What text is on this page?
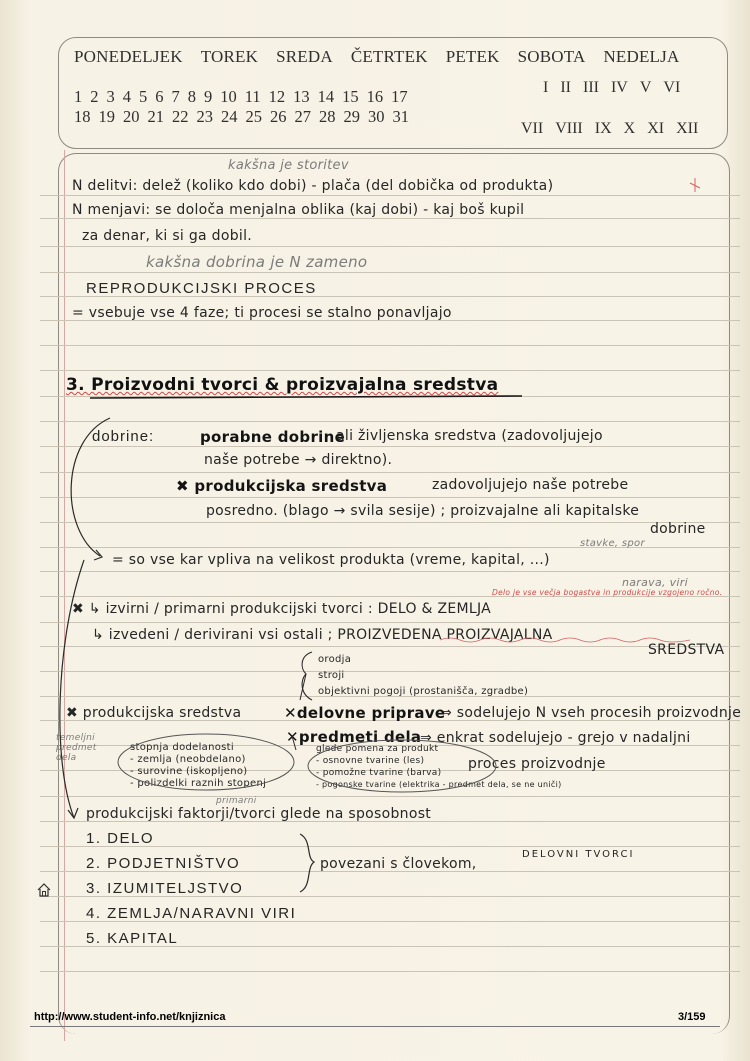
PONEDELJEK TOREK SREDA ČETRTEK PETEK SOBOTA NEDELJA
1 2 3 4 5 6 7 8 9 10 11 12 13 14 15 16 17
18 19 20 21 22 23 24 25 26 27 28 29 30 31
I II III IV V VI
VII VIII IX X XI XII
kakšna je storitev
N delitvi: delež (koliko kdo dobi) - plača (del dobička od produkta)
N menjavi: se določa menjalna oblika (kaj dobi) - kaj boš kupil
za denar, ki si ga dobil.
kakšna dobrina je N zameno
REPRODUKCIJSKI PROCES
= vsebuje vse 4 faze; ti procesi se stalno ponavljajo
3. Proizvodni tvorci & proizvajalna sredstva
dobrine:	porabne dobrine
ali življenska sredstva (zadovoljujejo
naše potrebe → direktno).
✖ produkcijska sredstva	zadovoljujejo naše potrebe
posredno. (blago → svila sesije) ; proizvajalne ali kapitalske
dobrine
stavke, spor
= so vse kar vpliva na velikost produkta (vreme, kapital, ...)
Delo je vse večja bogastva in produkcije vzgojeno ročno.
narava, viri
✖ ↳ izvirni / primarni produkcijski tvorci : DELO & ZEMLJA
↳ izvedeni / derivirani vsi ostali ; PROIZVEDENA PROIZVAJALNA
SREDSTVA
orodja
stroji
objektivni pogoji (prostanišča, zgradbe)
✖ produkcijska sredstva	✕delovne priprave
⇒ sodelujejo N vseh procesih proizvodnje
temeljni predmet dela
✕predmeti dela
⇒ enkrat sodelujejo - grejo v nadaljni
stopnja dodelanosti
- zemlja (neobdelano)
- surovine (iskopljeno)
- polizdelki raznih stopenj
glede pomena za produkt
- osnovne tvarine (les)
- pomožne tvarine (barva)
- pogonske tvarine (elektrika - predmet dela, se ne uniči)
proces proizvodnje
primarni
produkcijski faktorji/tvorci glede na sposobnost
1. DELO
2. PODJETNIŠTVO
3. IZUMITELJSTVO
4. ZEMLJA/NARAVNI VIRI
5. KAPITAL
povezani s človekom,
DELOVNI TVORCI
http://www.student-info.net/knjiznica	3/159
